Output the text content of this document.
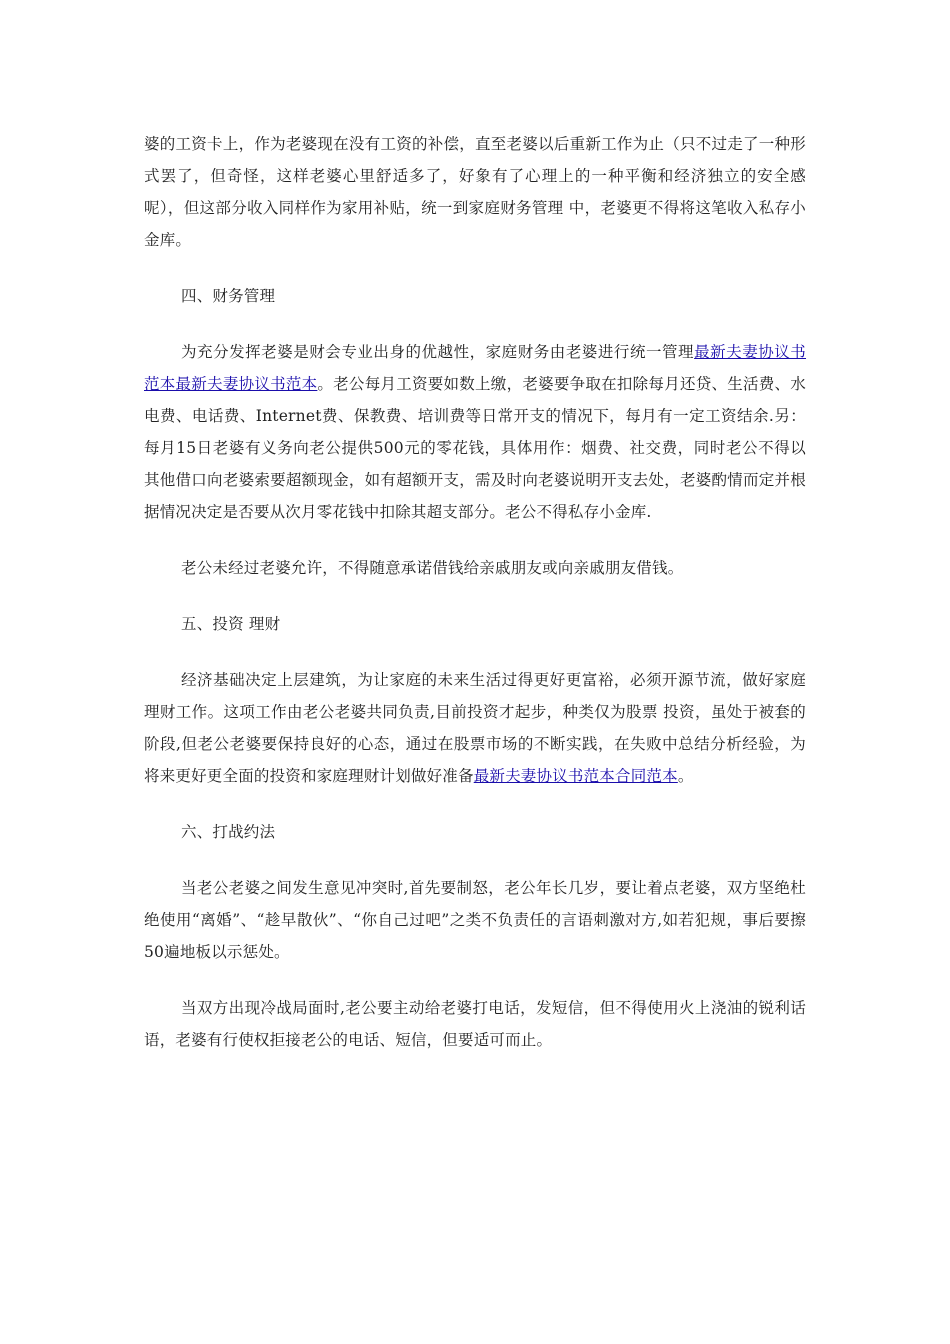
婆的工资卡上，作为老婆现在没有工资的补偿，直至老婆以后重新工作为止（只不过走了一种形式罢了，但奇怪，这样老婆心里舒适多了，好象有了心理上的一种平衡和经济独立的安全感呢），但这部分收入同样作为家用补贴，统一到家庭财务管理 中，老婆更不得将这笔收入私存小金库。

四、财务管理

为充分发挥老婆是财会专业出身的优越性，家庭财务由老婆进行统一管理最新夫妻协议书范本最新夫妻协议书范本。老公每月工资要如数上缴，老婆要争取在扣除每月还贷、生活费、水电费、电话费、Internet费、保教费、培训费等日常开支的情况下，每月有一定工资结余.另：每月15日老婆有义务向老公提供500元的零花钱，具体用作：烟费、社交费，同时老公不得以其他借口向老婆索要超额现金，如有超额开支，需及时向老婆说明开支去处，老婆酌情而定并根据情况决定是否要从次月零花钱中扣除其超支部分。老公不得私存小金库.

老公未经过老婆允许，不得随意承诺借钱给亲戚朋友或向亲戚朋友借钱。

五、投资 理财

经济基础决定上层建筑，为让家庭的未来生活过得更好更富裕，必须开源节流，做好家庭理财工作。这项工作由老公老婆共同负责,目前投资才起步，种类仅为股票 投资，虽处于被套的阶段,但老公老婆要保持良好的心态，通过在股票市场的不断实践，在失败中总结分析经验，为将来更好更全面的投资和家庭理财计划做好准备最新夫妻协议书范本合同范本。

六、打战约法

当老公老婆之间发生意见冲突时,首先要制怒，老公年长几岁，要让着点老婆，双方坚绝杜绝使用“离婚”、“趁早散伙”、“你自己过吧”之类不负责任的言语刺激对方,如若犯规，事后要擦50遍地板以示惩处。

当双方出现冷战局面时,老公要主动给老婆打电话，发短信，但不得使用火上浇油的锐利话语，老婆有行使权拒接老公的电话、短信，但要适可而止。
